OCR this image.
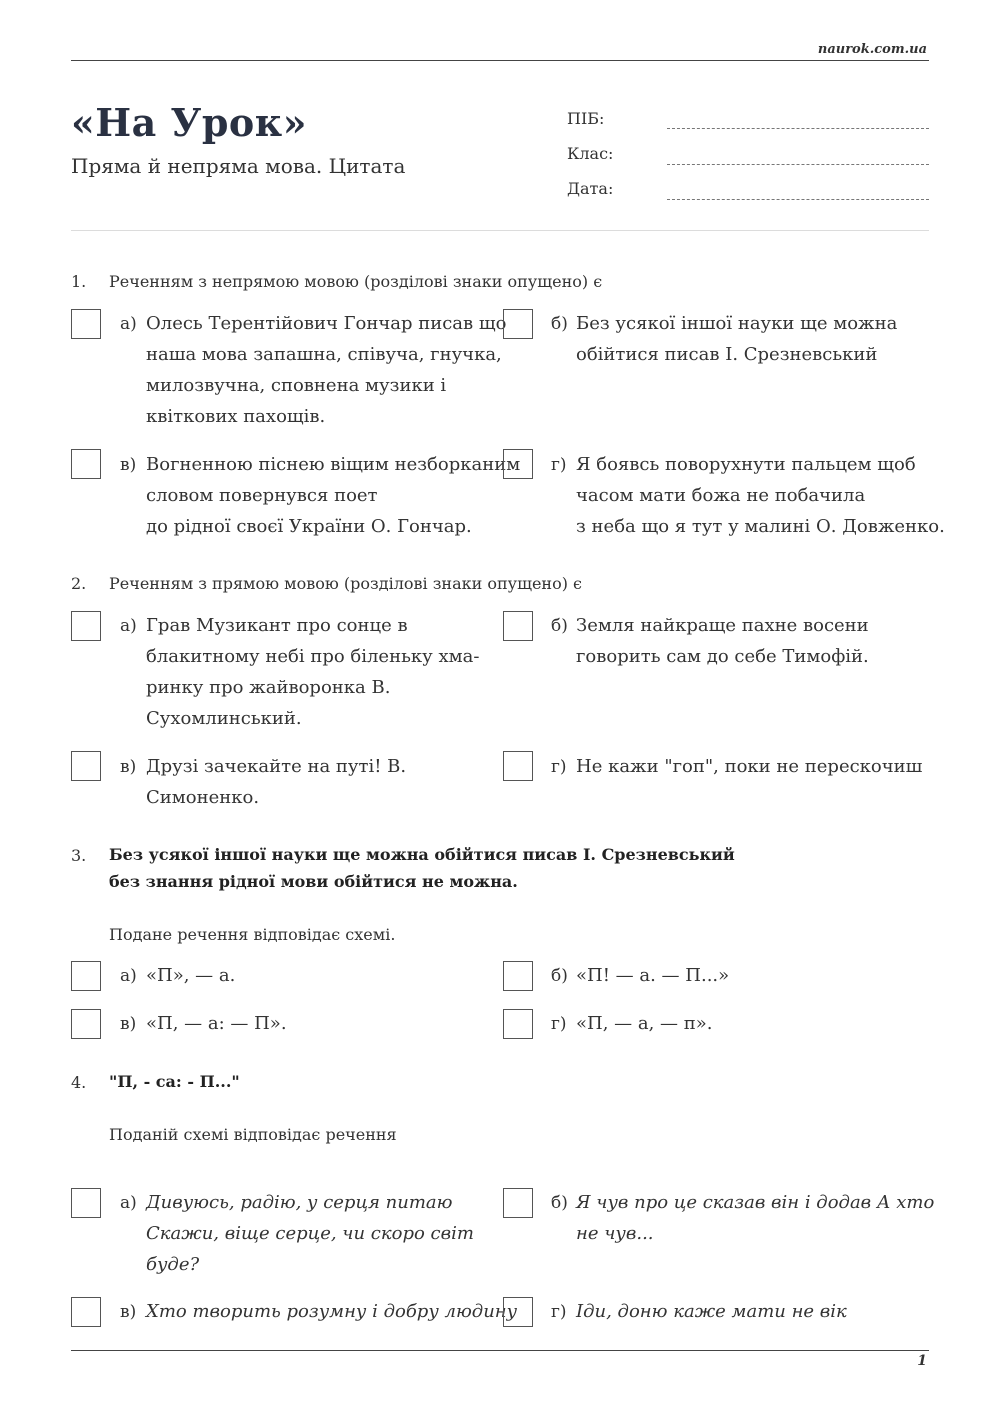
naurok.com.ua
«На Урок»
Пряма й непряма мова. Цитата
ПІБ:
Клас:
Дата:
1. Реченням з непрямою мовою (розділові знаки опущено) є
а) Олесь Терентійович Гончар писав що
наша мова запашна, співуча, гнучка,
милозвучна, сповнена музики і
квіткових пахощів.
б) Без усякої іншої науки ще можна
обійтися писав І. Срезневський
в) Вогненною піснею віщим незборканим
словом повернувся поет
до рідної своєї України О. Гончар.
г) Я боявсь поворухнути пальцем щоб
часом мати божа не побачила
з неба що я тут у малині О. Довженко.
2. Реченням з прямою мовою (розділові знаки опущено) є
а) Грав Музикант про сонце в
блакитному небі про біленьку хма-
ринку про жайворонка В.
Сухомлинський.
б) Земля найкраще пахне восени
говорить сам до себе Тимофій.
в) Друзі зачекайте на путі! В.
Симоненко.
г) Не кажи "гоп", поки не перескочиш
3. Без усякої іншої науки ще можна обійтися писав І. Срезневський
без знання рідної мови обійтися не можна.
Подане речення відповідає схемі.
а) «П», — а.	б) «П! — а. — П...»
в) «П, — а: — П».	г) «П, — а, — п».
4. "П, - са: - П..."
Поданій схемі відповідає речення
а) Дивуюсь, радію, у серця питаю
Скажи, віще серце, чи скоро світ
буде?
б) Я чув про це сказав він і додав А хто
не чув...
в) Хто творить розумну і добру людину г) Іди, доню каже мати не вік
1
